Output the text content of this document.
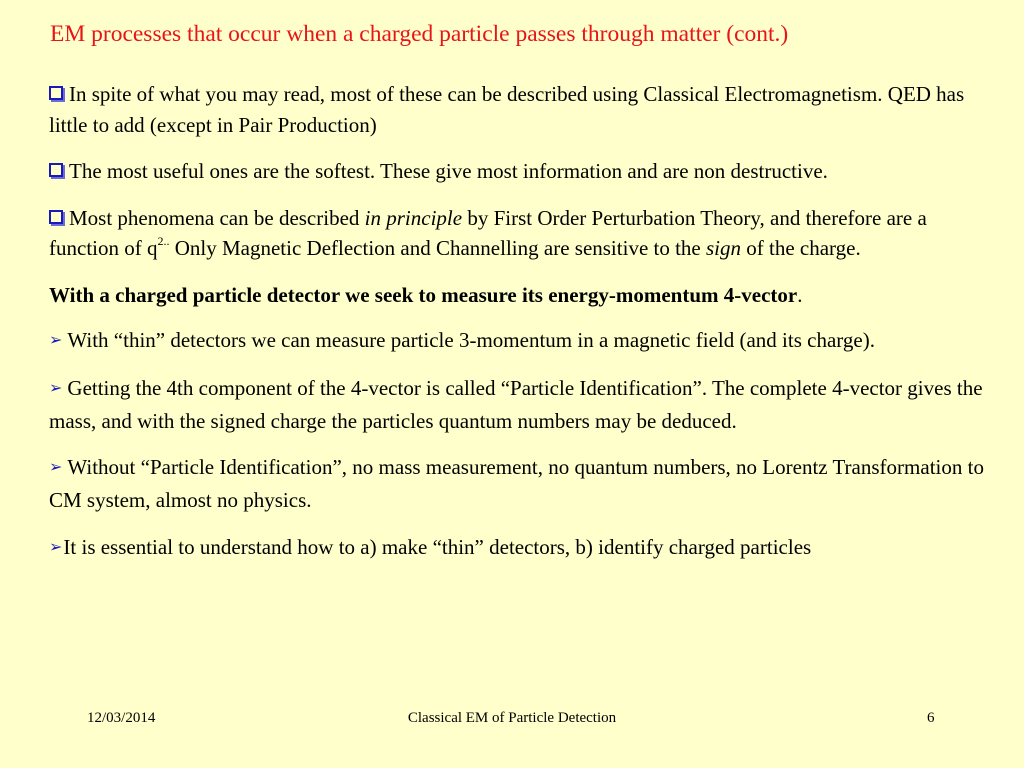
EM processes that occur when a charged particle passes through matter (cont.)

In spite of what you may read, most of these can be described using Classical Electromagnetism. QED has little to add (except in Pair Production)

The most useful ones are the softest. These give most information and are non destructive.

Most phenomena can be described in principle by First Order Perturbation Theory, and therefore are a function of $q^{2..}$ Only Magnetic Deflection and Channelling are sensitive to the sign of the charge.

With a charged particle detector we seek to measure its energy-momentum 4-vector.

➢ With “thin” detectors we can measure particle 3-momentum in a magnetic field (and its charge).

➢ Getting the 4th component of the 4-vector is called “Particle Identification”. The complete 4-vector gives the mass, and with the signed charge the particles quantum numbers may be deduced.

➢ Without “Particle Identification”, no mass measurement, no quantum numbers, no Lorentz Transformation to CM system, almost no physics.

➢It is essential to understand how to a) make “thin” detectors, b) identify charged particles

12/03/2014	Classical EM of Particle Detection	6
